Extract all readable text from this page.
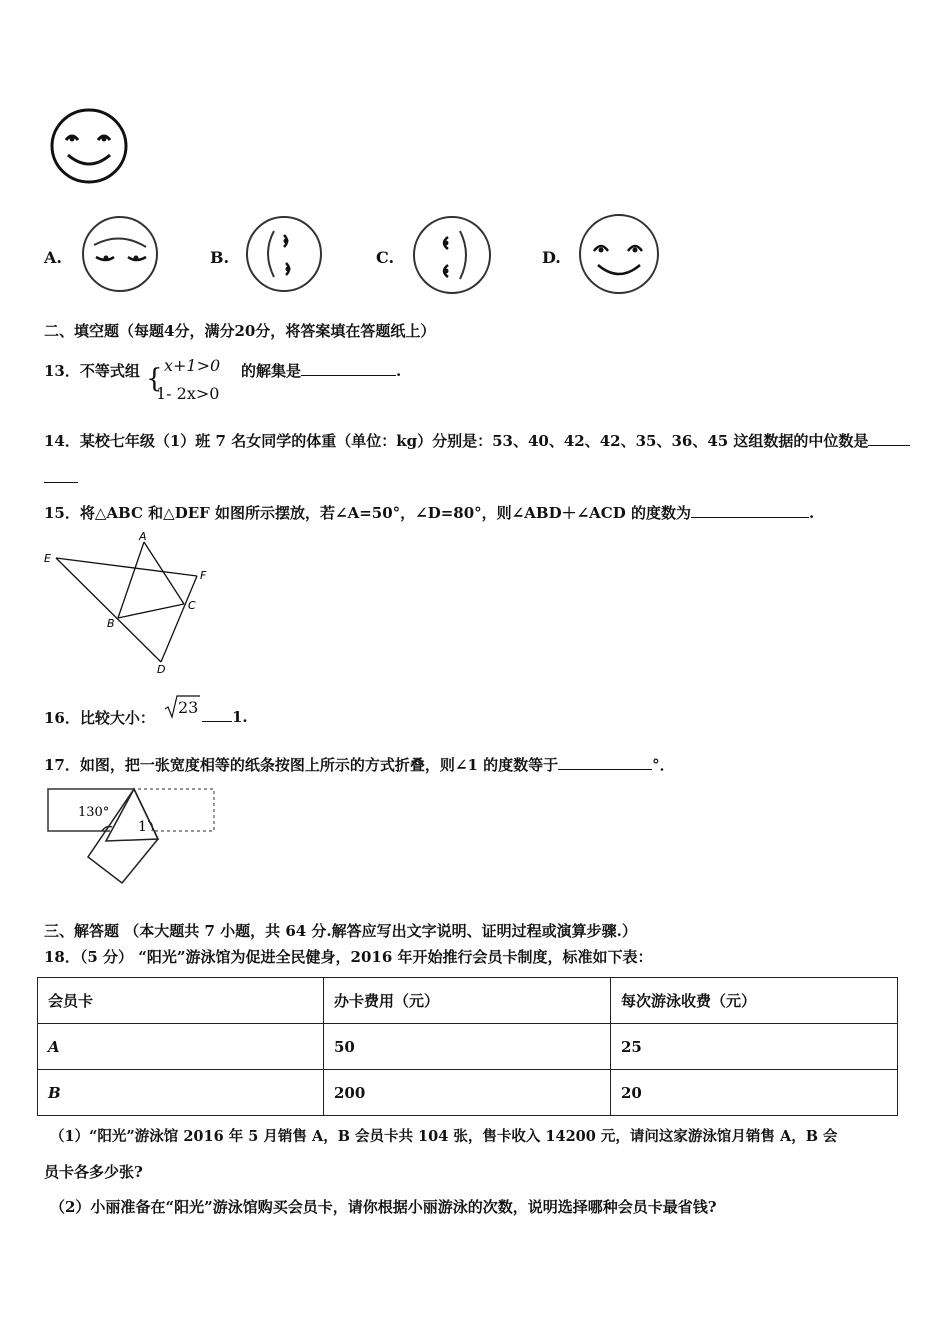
A.	B.	C.	D.
二、填空题（每题4分，满分20分，将答案填在答题纸上）
13．不等式组 { x+1>0
1- 2x>0
的解集是	.
14．某校七年级（1）班 7 名女同学的体重（单位：kg）分别是：53、40、42、42、35、36、45 这组数据的中位数是
15．将△ABC 和△DEF 如图所示摆放，若∠A=50°，∠D=80°，则∠ABD＋∠ACD 的度数为	.
A
E
F
C
B
D
16．比较大小：
23	1.
17．如图，把一张宽度相等的纸条按图上所示的方式折叠，则∠1 的度数等于	°．
130°
1
三、解答题 （本大题共 7 小题，共 64 分.解答应写出文字说明、证明过程或演算步骤.）
18．（5 分） “阳光”游泳馆为促进全民健身，2016 年开始推行会员卡制度，标准如下表：
会员卡	办卡费用（元）	每次游泳收费（元）
A	50	25
B	200	20
（1）“阳光”游泳馆 2016 年 5 月销售 A，B 会员卡共 104 张，售卡收入 14200 元，请问这家游泳馆月销售 A，B 会
员卡各多少张?
（2）小丽准备在“阳光”游泳馆购买会员卡，请你根据小丽游泳的次数，说明选择哪种会员卡最省钱?
